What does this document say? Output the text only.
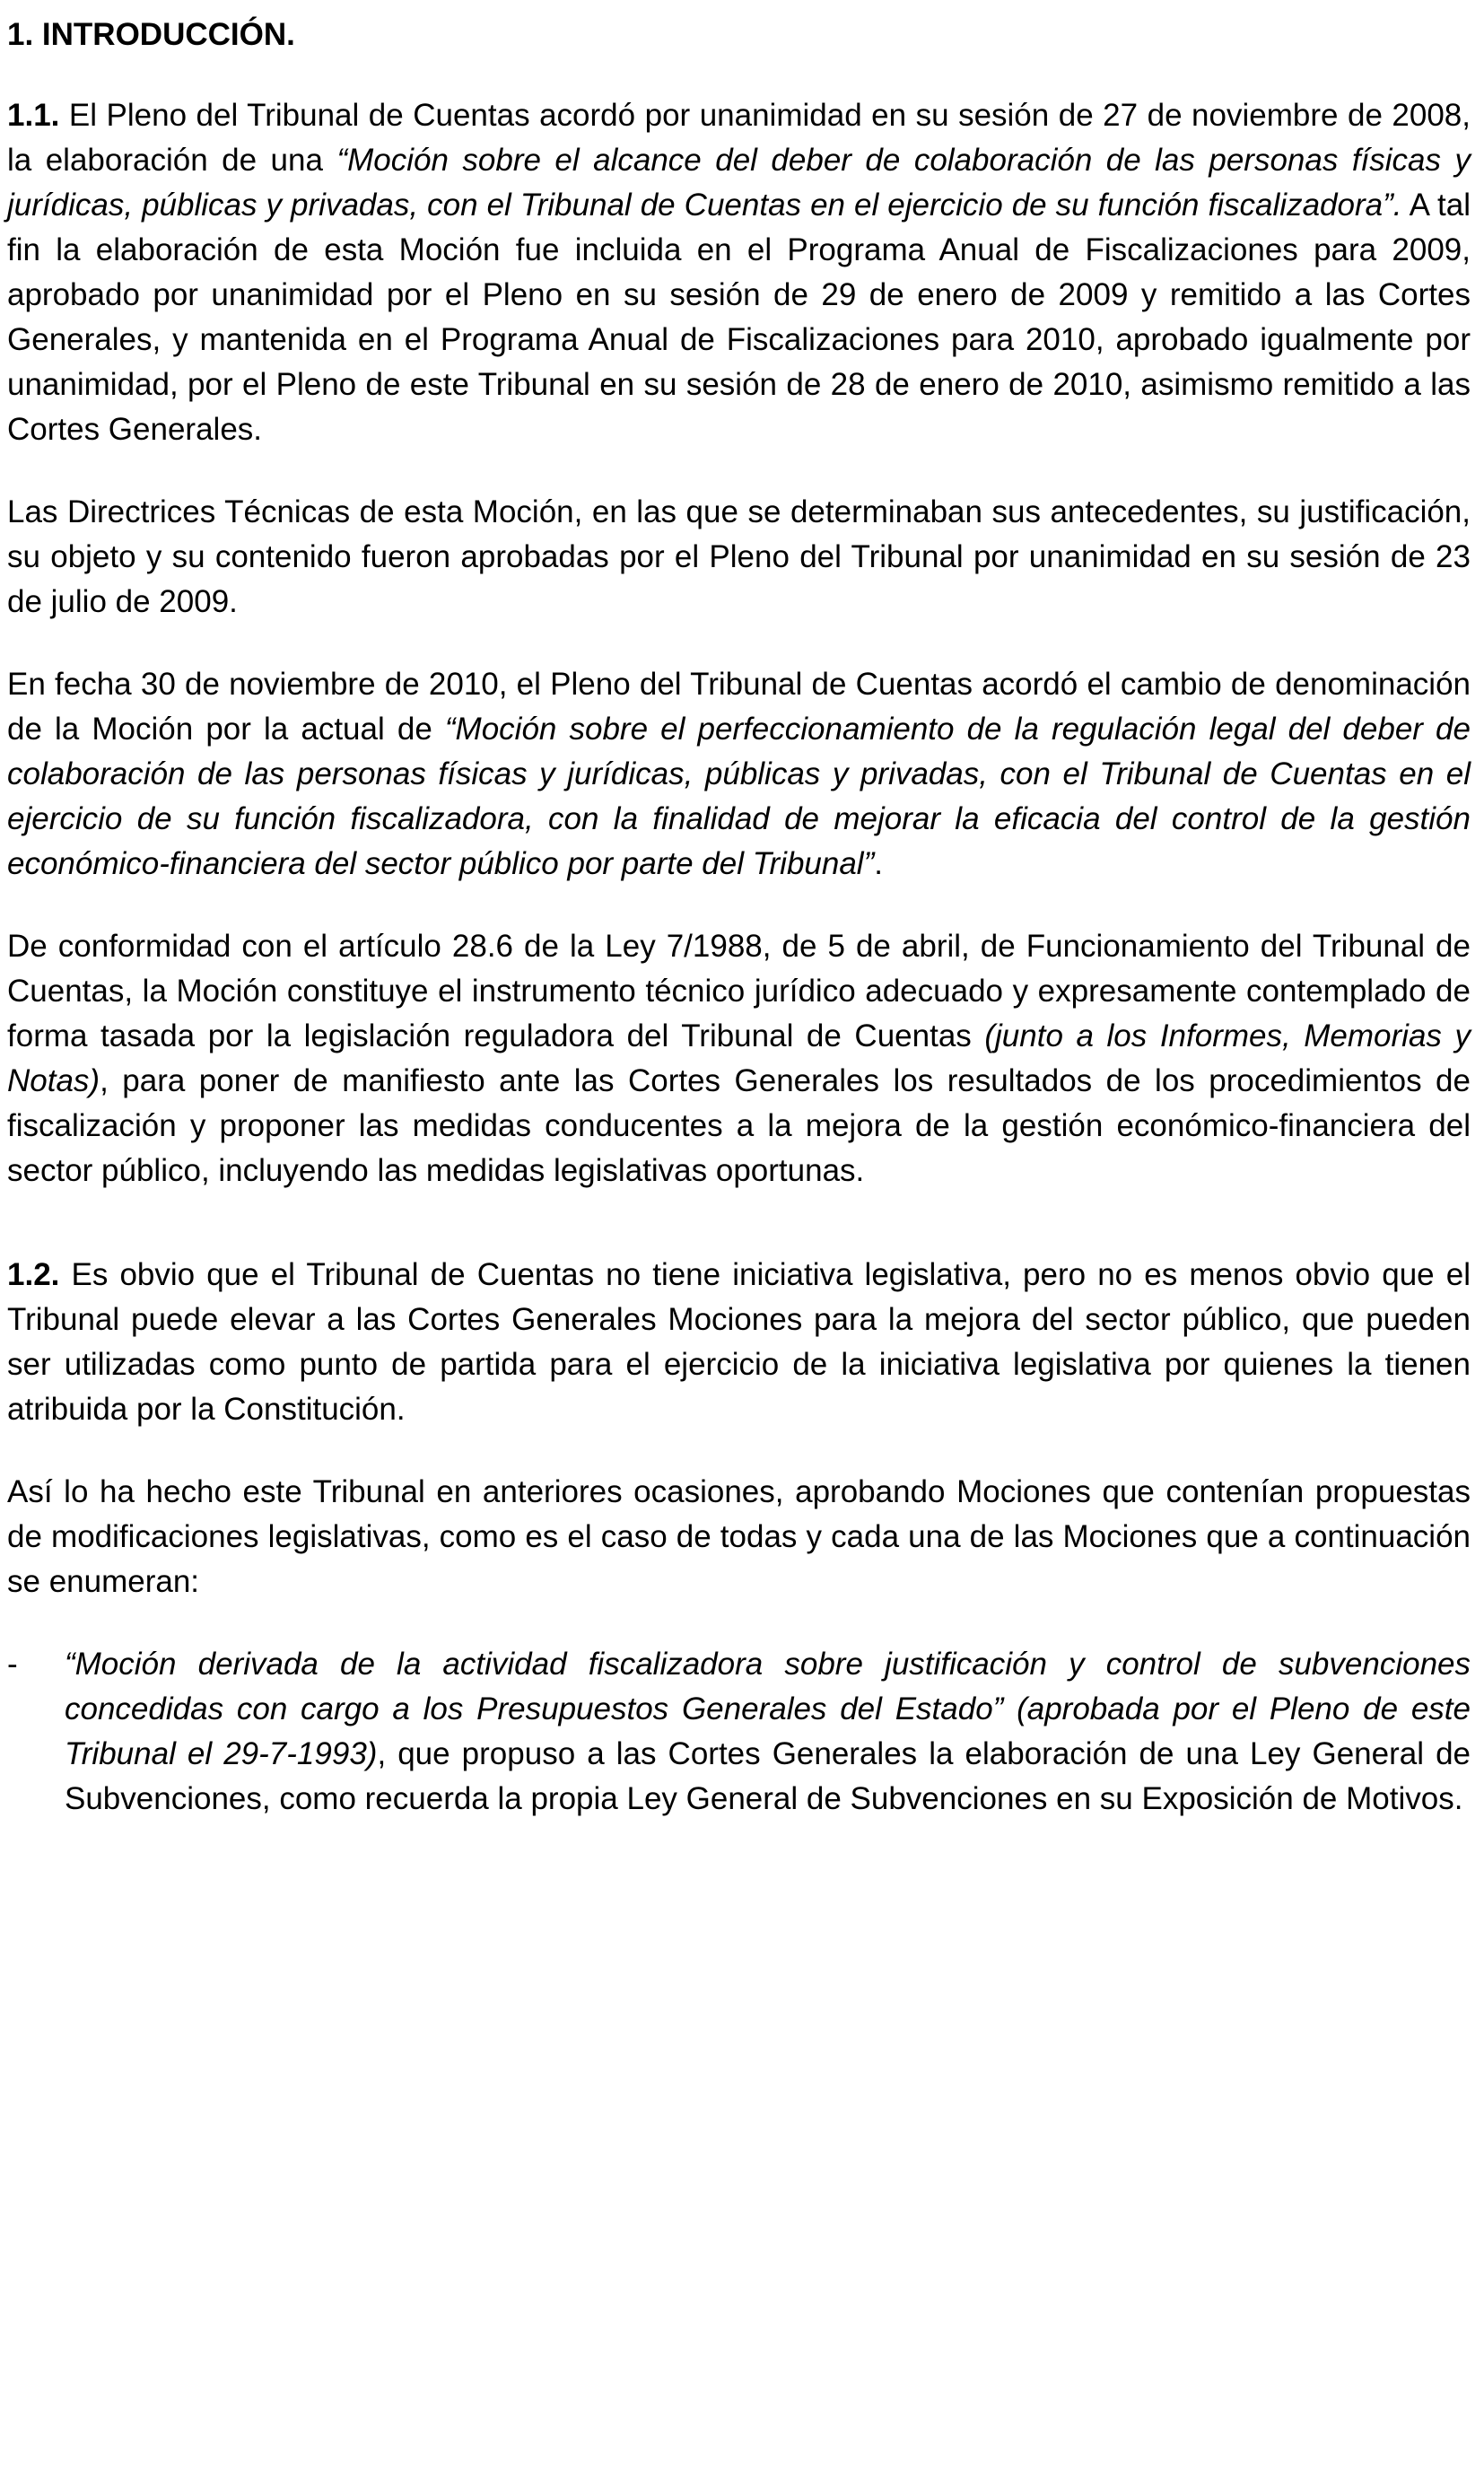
1. INTRODUCCIÓN.

1.1. El Pleno del Tribunal de Cuentas acordó por unanimidad en su sesión de 27 de noviembre de 2008, la elaboración de una “Moción sobre el alcance del deber de colaboración de las personas físicas y jurídicas, públicas y privadas, con el Tribunal de Cuentas en el ejercicio de su función fiscalizadora”. A tal fin la elaboración de esta Moción fue incluida en el Programa Anual de Fiscalizaciones para 2009, aprobado por unanimidad por el Pleno en su sesión de 29 de enero de 2009 y remitido a las Cortes Generales, y mantenida en el Programa Anual de Fiscalizaciones para 2010, aprobado igualmente por unanimidad, por el Pleno de este Tribunal en su sesión de 28 de enero de 2010, asimismo remitido a las Cortes Generales.

Las Directrices Técnicas de esta Moción, en las que se determinaban sus antecedentes, su justificación, su objeto y su contenido fueron aprobadas por el Pleno del Tribunal por unanimidad en su sesión de 23 de julio de 2009.

En fecha 30 de noviembre de 2010, el Pleno del Tribunal de Cuentas acordó el cambio de denominación de la Moción por la actual de “Moción sobre el perfeccionamiento de la regulación legal del deber de colaboración de las personas físicas y jurídicas, públicas y privadas, con el Tribunal de Cuentas en el ejercicio de su función fiscalizadora, con la finalidad de mejorar la eficacia del control de la gestión económico-financiera del sector público por parte del Tribunal”.

De conformidad con el artículo 28.6 de la Ley 7/1988, de 5 de abril, de Funcionamiento del Tribunal de Cuentas, la Moción constituye el instrumento técnico jurídico adecuado y expresamente contemplado de forma tasada por la legislación reguladora del Tribunal de Cuentas (junto a los Informes, Memorias y Notas), para poner de manifiesto ante las Cortes Generales los resultados de los procedimientos de fiscalización y proponer las medidas conducentes a la mejora de la gestión económico-financiera del sector público, incluyendo las medidas legislativas oportunas.

1.2. Es obvio que el Tribunal de Cuentas no tiene iniciativa legislativa, pero no es menos obvio que el Tribunal puede elevar a las Cortes Generales Mociones para la mejora del sector público, que pueden ser utilizadas como punto de partida para el ejercicio de la iniciativa legislativa por quienes la tienen atribuida por la Constitución.

Así lo ha hecho este Tribunal en anteriores ocasiones, aprobando Mociones que contenían propuestas de modificaciones legislativas, como es el caso de todas y cada una de las Mociones que a continuación se enumeran:

-	“Moción derivada de la actividad fiscalizadora sobre justificación y control de subvenciones concedidas con cargo a los Presupuestos Generales del Estado” (aprobada por el Pleno de este Tribunal el 29-7-1993), que propuso a las Cortes Generales la elaboración de una Ley General de Subvenciones, como recuerda la propia Ley General de Subvenciones en su Exposición de Motivos.
